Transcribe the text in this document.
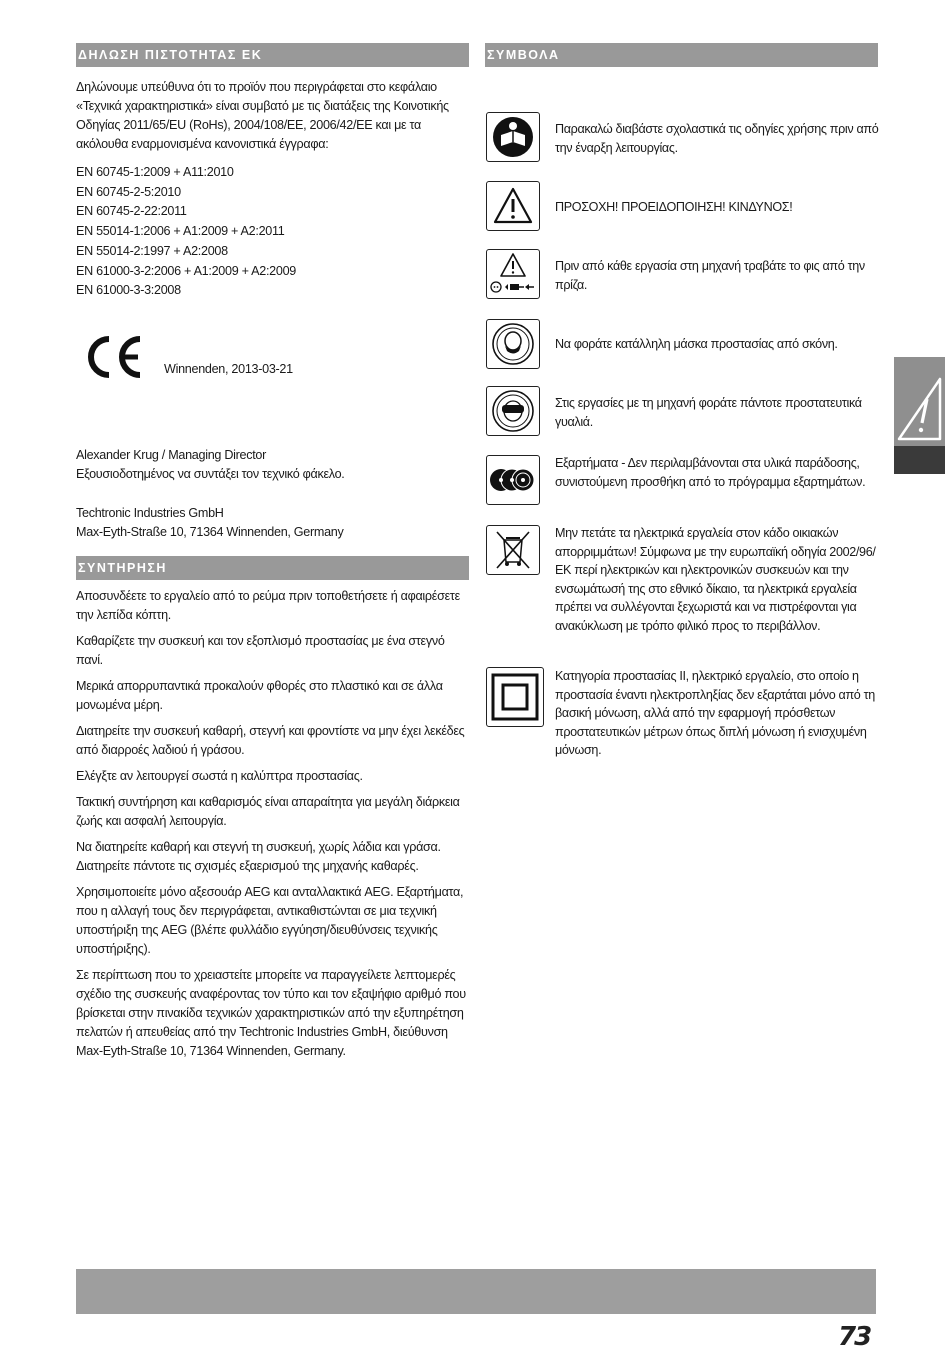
ΔΗΛΩΣΗ ΠΙΣΤΟΤΗΤΑΣ ΕΚ

Δηλώνουμε υπεύθυνα ότι το προϊόν που περιγράφεται στο κεφάλαιο «Τεχνικά χαρακτηριστικά» είναι συμβατό με τις διατάξεις της Κοινοτικής Οδηγίας 2011/65/EU (RoHs), 2004/108/EE, 2006/42/EE και με τα ακόλουθα εναρμονισμένα κανονιστικά έγγραφα:

EN 60745-1:2009 + A11:2010
EN 60745-2-5:2010
EN 60745-2-22:2011
EN 55014-1:2006 + A1:2009 + A2:2011
EN 55014-2:1997 + A2:2008
EN 61000-3-2:2006 + A1:2009 + A2:2009
EN 61000-3-3:2008
Winnenden, 2013-03-21

Alexander Krug / Managing Director

Εξουσιοδοτημένος να συντάξει τον τεχνικό φάκελο.

Techtronic Industries GmbH

Max-Eyth-Straße 10, 71364 Winnenden, Germany

ΣΥΝΤΗΡΗΣΗ

Αποσυνδέετε το εργαλείο από το ρεύμα πριν τοποθετήσετε ή αφαιρέσετε την λεπίδα κόπτη.

Καθαρίζετε την συσκευή και τον εξοπλισμό προστασίας με ένα στεγνό πανί.

Μερικά απορρυπαντικά προκαλούν φθορές στο πλαστικό και σε άλλα μονωμένα μέρη.

Διατηρείτε την συσκευή καθαρή, στεγνή και φροντίστε να μην έχει λεκέδες από διαρροές λαδιού ή γράσου.

Ελέγξτε αν λειτουργεί σωστά η καλύπτρα προστασίας.

Τακτική συντήρηση και καθαρισμός είναι απαραίτητα για μεγάλη διάρκεια ζωής και ασφαλή λειτουργία.

Να διατηρείτε καθαρή και στεγνή τη συσκευή, χωρίς λάδια και γράσα. Διατηρείτε πάντοτε τις σχισμές εξαερισμού της μηχανής καθαρές.

Χρησιμοποιείτε μόνο αξεσουάρ AEG και ανταλλακτικά AEG. Εξαρτήματα, που η αλλαγή τους δεν περιγράφεται, αντικαθιστώνται σε μια τεχνική υποστήριξη της AEG (βλέπε φυλλάδιο εγγύηση/διευθύνσεις τεχνικής υποστήριξης).

Σε περίπτωση που το χρειαστείτε μπορείτε να παραγγείλετε λεπτομερές σχέδιο της συσκευής αναφέροντας τον τύπο και τον εξαψήφιο αριθμό που βρίσκεται στην πινακίδα τεχνικών χαρακτηριστικών από την εξυπηρέτηση πελατών ή απευθείας από την Techtronic Industries GmbH, διεύθυνση Max-Eyth-Straße 10, 71364 Winnenden, Germany.

ΣΥΜΒΟΛΑ
Παρακαλώ διαβάστε σχολαστικά τις οδηγίες χρήσης πριν από την έναρξη λειτουργίας.
ΠΡΟΣΟΧΗ! ΠΡΟΕΙΔΟΠΟΙΗΣΗ! ΚΙΝΔΥΝΟΣ!
Πριν από κάθε εργασία στη μηχανή τραβάτε το φις από την πρίζα.
Να φοράτε κατάλληλη μάσκα προστασίας από σκόνη.
Στις εργασίες με τη μηχανή φοράτε πάντοτε προστατευτικά γυαλιά.
Εξαρτήματα - Δεν περιλαμβάνονται στα υλικά παράδοσης, συνιστούμενη προσθήκη από το πρόγραμμα εξαρτημάτων.
Μην πετάτε τα ηλεκτρικά εργαλεία στον κάδο οικιακών απορριμμάτων! Σύμφωνα με την ευρωπαϊκή οδηγία 2002/96/ΕΚ περί ηλεκτρικών και ηλεκτρονικών συσκευών και την ενσωμάτωσή της στο εθνικό δίκαιο, τα ηλεκτρικά εργαλεία πρέπει να συλλέγονται ξεχωριστά και να πιστρέφονται για ανακύκλωση με τρόπο φιλικό προς το περιβάλλον.
Κατηγορία προστασίας II, ηλεκτρικό εργαλείο, στο οποίο η προστασία έναντι ηλεκτροπληξίας δεν εξαρτάται μόνο από τη βασική μόνωση, αλλά από την εφαρμογή πρόσθετων προστατευτικών μέτρων όπως διπλή μόνωση ή ενισχυμένη μόνωση.
73
